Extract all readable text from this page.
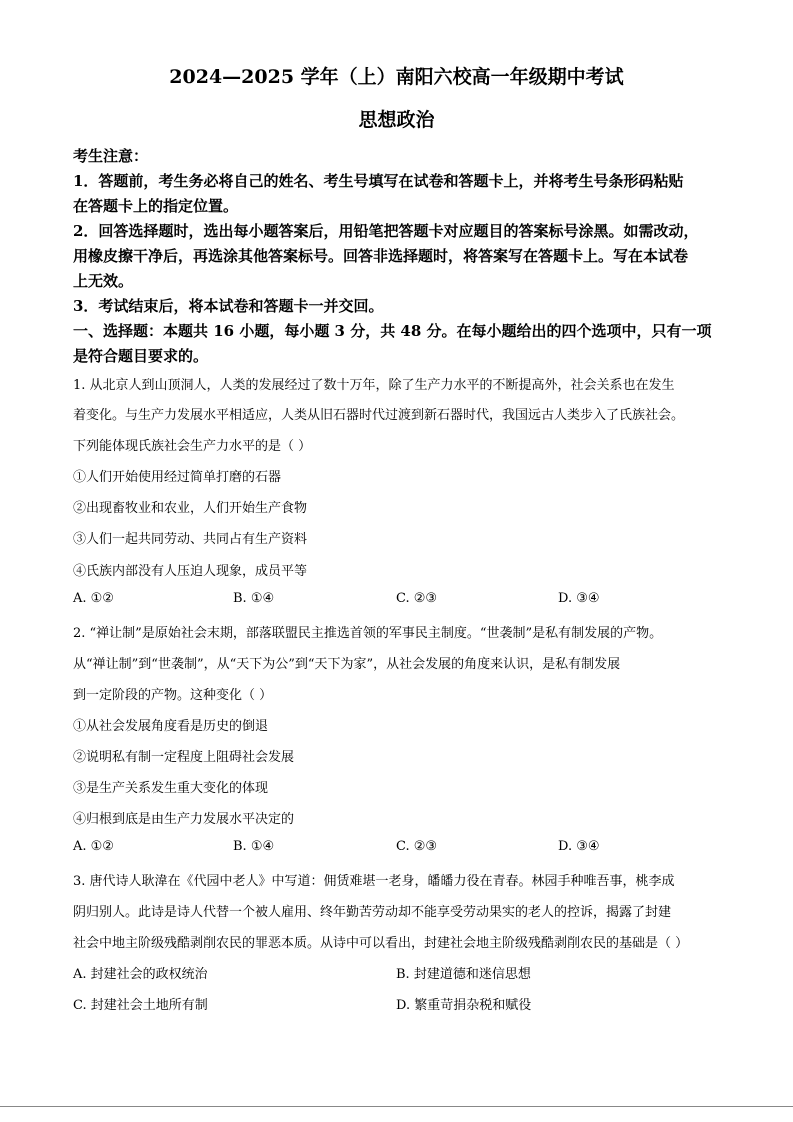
2024—2025 学年（上）南阳六校高一年级期中考试
思想政治
考生注意：
1．答题前，考生务必将自己的姓名、考生号填写在试卷和答题卡上，并将考生号条形码粘贴
在答题卡上的指定位置。
2．回答选择题时，选出每小题答案后，用铅笔把答题卡对应题目的答案标号涂黑。如需改动，
用橡皮擦干净后，再选涂其他答案标号。回答非选择题时，将答案写在答题卡上。写在本试卷
上无效。
3．考试结束后，将本试卷和答题卡一并交回。
一、选择题：本题共 16 小题，每小题 3 分，共 48 分。在每小题给出的四个选项中，只有一项
是符合题目要求的。
1. 从北京人到山顶洞人，人类的发展经过了数十万年，除了生产力水平的不断提高外，社会关系也在发生
着变化。与生产力发展水平相适应，人类从旧石器时代过渡到新石器时代，我国远古人类步入了氏族社会。
下列能体现氏族社会生产力水平的是（ ）
①人们开始使用经过简单打磨的石器
②出现畜牧业和农业，人们开始生产食物
③人们一起共同劳动、共同占有生产资料
④氏族内部没有人压迫人现象，成员平等
A. ①②	B. ①④	C. ②③	D. ③④
2. “禅让制”是原始社会末期，部落联盟民主推选首领的军事民主制度。“世袭制”是私有制发展的产物。
从“禅让制”到“世袭制”，从“天下为公”到“天下为家”，从社会发展的角度来认识，是私有制发展
到一定阶段的产物。这种变化（ ）
①从社会发展角度看是历史的倒退
②说明私有制一定程度上阻碍社会发展
③是生产关系发生重大变化的体现
④归根到底是由生产力发展水平决定的
A. ①②	B. ①④	C. ②③	D. ③④
3. 唐代诗人耿湋在《代园中老人》中写道：佣赁难堪一老身，皤皤力役在青春。林园手种唯吾事，桃李成
阴归别人。此诗是诗人代替一个被人雇用、终年勤苦劳动却不能享受劳动果实的老人的控诉，揭露了封建
社会中地主阶级残酷剥削农民的罪恶本质。从诗中可以看出，封建社会地主阶级残酷剥削农民的基础是（ ）
A. 封建社会的政权统治	B. 封建道德和迷信思想
C. 封建社会土地所有制	D. 繁重苛捐杂税和赋役
